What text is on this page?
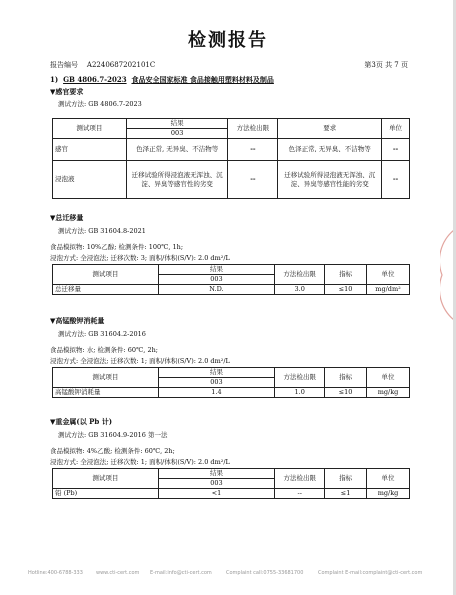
检测报告
报告编号 A2240687202101C	第3页 共 7 页
1) GB 4806.7-2023 食品安全国家标准 食品接触用塑料材料及制品
▼感官要求
测试方法: GB 4806.7-2023
测试项目	结果	方法检出限	要求	单位
	003			
感官	色泽正常, 无异臭、不洁物等	--	色泽正常, 无异臭、不洁物等	--
浸泡液	迁移试验所得浸泡液无浑浊、沉淀、异臭等感官性的劣变	--	迁移试验所得浸泡液无浑浊、沉淀、异臭等感官性能的劣变	--
▼总迁移量
测试方法: GB 31604.8-2021
食品模拟物: 10%乙醇; 检测条件: 100℃, 1h;
浸泡方式: 全浸泡法; 迁移次数: 3; 面积/体积(S/V): 2.0 dm²/L
测试项目	结果	方法检出限	指标	单位
	003			
总迁移量	N.D.	3.0	≤10	mg/dm²
▼高锰酸钾消耗量
测试方法: GB 31604.2-2016
食品模拟物: 水; 检测条件: 60℃, 2h;
浸泡方式: 全浸泡法; 迁移次数: 1; 面积/体积(S/V): 2.0 dm²/L
测试项目	结果	方法检出限	指标	单位
	003			
高锰酸钾消耗量	1.4	1.0	≤10	mg/kg
▼重金属(以 Pb 计)
测试方法: GB 31604.9-2016 第一法
食品模拟物: 4%乙酸; 检测条件: 60℃, 2h;
浸泡方式: 全浸泡法; 迁移次数: 1; 面积/体积(S/V): 2.0 dm²/L
测试项目	结果	方法检出限	指标	单位
	003			
铅 (Pb)	<1	--	≤1	mg/kg
Hotline:400-6788-333	www.cti-cert.com E-mail:info@cti-cert.com	Complaint call:0755-33681700	Complaint E-mail:complaint@cti-cert.com
